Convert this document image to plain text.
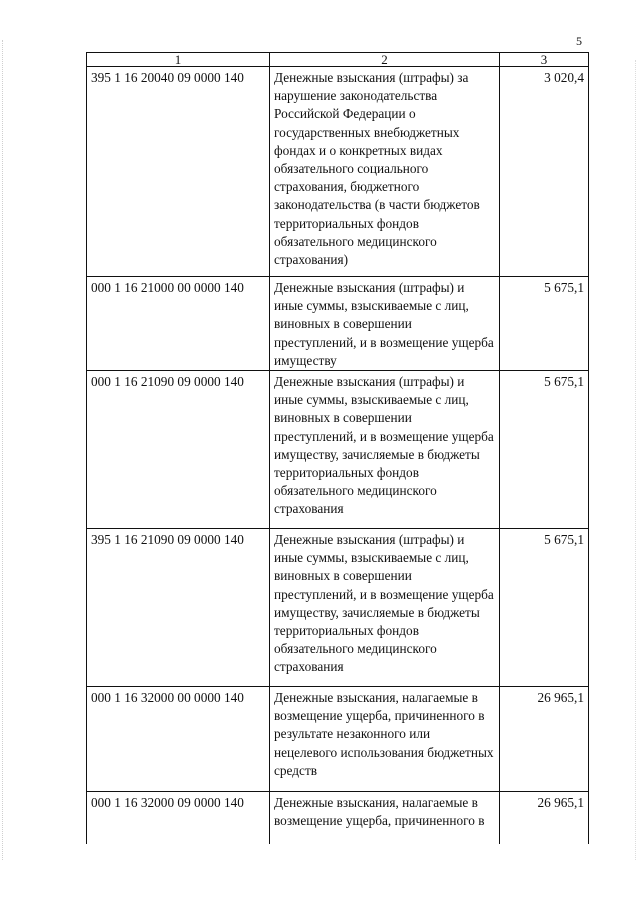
5
1	2	3
395 1 16 20040 09 0000 140	Денежные взыскания (штрафы) за нарушение законодательства Российской Федерации о государственных внебюджетных фондах и о конкретных видах обязательного социального страхования, бюджетного законодательства (в части бюджетов территориальных фондов обязательного медицинского страхования)	3 020,4
000 1 16 21000 00 0000 140	Денежные взыскания (штрафы) и иные суммы, взыскиваемые с лиц, виновных в совершении преступлений, и в возмещение ущерба имуществу	5 675,1
000 1 16 21090 09 0000 140	Денежные взыскания (штрафы) и иные суммы, взыскиваемые с лиц, виновных в совершении преступлений, и в возмещение ущерба имуществу, зачисляемые в бюджеты территориальных фондов обязательного медицинского страхования	5 675,1
395 1 16 21090 09 0000 140	Денежные взыскания (штрафы) и иные суммы, взыскиваемые с лиц, виновных в совершении преступлений, и в возмещение ущерба имуществу, зачисляемые в бюджеты территориальных фондов обязательного медицинского страхования	5 675,1
000 1 16 32000 00 0000 140	Денежные взыскания, налагаемые в возмещение ущерба, причиненного в результате незаконного или нецелевого использования бюджетных средств	26 965,1
000 1 16 32000 09 0000 140	Денежные взыскания, налагаемые в возмещение ущерба, причиненного в	26 965,1
